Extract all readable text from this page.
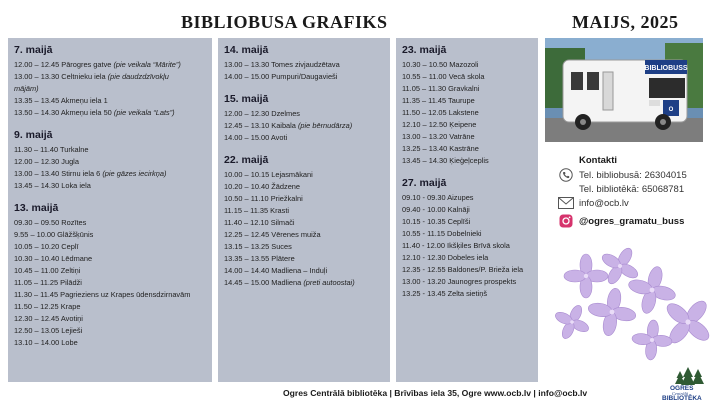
BIBLIOBUSA GRAFIKS	MAIJS, 2025
7. maijā
12.00 – 12.45 Pārogres gatve (pie veikala “Mārite”)
13.00 – 13.30 Celtnieku iela (pie daudzdzīvokļu
mājām)
13.35 – 13.45 Akmeņu iela 1
13.50 – 14.30 Akmeņu iela 50 (pie veikala “Lats”)
9. maijā
11.30 – 11.40 Turkalne
12.00 – 12.30 Jugla
13.00 – 13.40 Stirnu iela 6 (pie gāzes iecirkņa)
13.45 – 14.30 Loka iela
13. maijā
09.30 – 09.50 Rozītes
9.55 – 10.00 Glāžšķūnis
10.05 – 10.20 Ceplī
10.30 – 10.40 Lēdmane
10.45 – 11.00 Zeltiņi
11.05 – 11.25 Pilādži
11.30 – 11.45 Pagrieziens uz Krapes ūdensdzirnavām
11.50 – 12.25 Krape
12.30 – 12.45 Avotiņi
12.50 – 13.05 Lejieši
13.10 – 14.00 Lobe
14. maijā
13.00 – 13.30 Tomes zivjaudzētava
14.00 – 15.00 Pumpuri/Daugavieši
15. maijā
12.00 – 12.30 Dzelmes
12.45 – 13.10 Kaibala (pie bērnudārza)
14.00 – 15.00 Avoti
22. maijā
10.00 – 10.15 Lejasmākani
10.20 – 10.40 Žādzene
10.50 – 11.10 Priežkalni
11.15 – 11.35 Krasti
11.40 – 12.10 Silmači
12.25 – 12.45 Vērenes muiža
13.15 – 13.25 Suces
13.35 – 13.55 Plātere
14.00 – 14.40 Madliena – Induļi
14.45 – 15.00 Madliena (preti autoostai)
23. maijā
10.30 – 10.50 Mazozoli
10.55 – 11.00 Vecā skola
11.05 – 11.30 Gravkalni
11.35 – 11.45 Taurupe
11.50 – 12.05 Lakstene
12.10 – 12.50 Ķeipene
13.00 – 13.20 Vatrāne
13.25 – 13.40 Kastrāne
13.45 – 14.30 Ķieģeļceplis
27. maijā
09.10 - 09.30 Aizupes
09.40 - 10.00 Kalnāji
10.15 - 10.35 Ceplīši
10.55 - 11.15 Dobelnieki
11.40 - 12.00 Ikšķiles Brīvā skola
12.10 - 12.30 Dobeles iela
12.35 - 12.55 Baldones/P. Brieža iela
13.00 - 13.20 Jaunogres prospekts
13.25 - 13.45 Zelta sietiņš
BIBLIOBUSS
O
Kontakti
Tel. bibliobusā: 26304015
Tel. bibliotēkā: 65068781
info@ocb.lv
@ogres_gramatu_buss
OGRES
Centrālā
BIBLIOTĒKA
Ogres Centrālā bibliotēka | Brīvības iela 35, Ogre www.ocb.lv | info@ocb.lv
